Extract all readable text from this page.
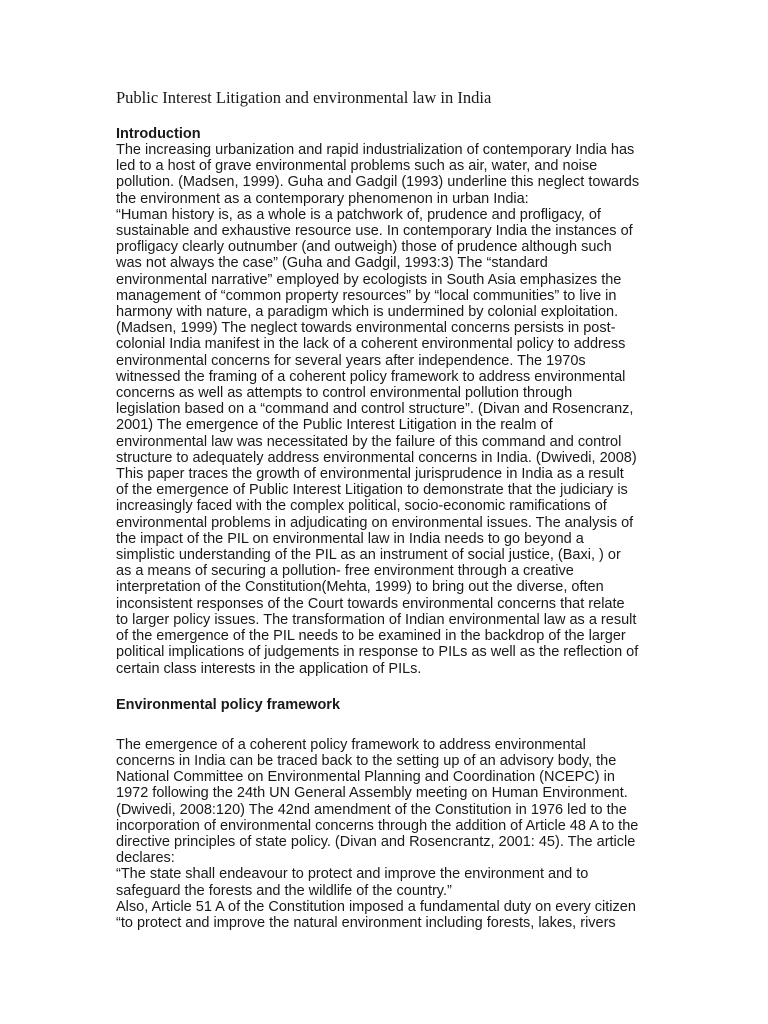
Public Interest Litigation and environmental law in India
Introduction

The increasing urbanization and rapid industrialization of contemporary India has
led to a host of grave environmental problems such as air, water, and noise
pollution. (Madsen, 1999). Guha and Gadgil (1993) underline this neglect towards
the environment as a contemporary phenomenon in urban India:
“Human history is, as a whole is a patchwork of, prudence and profligacy, of
sustainable and exhaustive resource use. In contemporary India the instances of
profligacy clearly outnumber (and outweigh) those of prudence although such
was not always the case” (Guha and Gadgil, 1993:3) The “standard
environmental narrative” employed by ecologists in South Asia emphasizes the
management of “common property resources” by “local communities” to live in
harmony with nature, a paradigm which is undermined by colonial exploitation.
(Madsen, 1999) The neglect towards environmental concerns persists in post-
colonial India manifest in the lack of a coherent environmental policy to address
environmental concerns for several years after independence. The 1970s
witnessed the framing of a coherent policy framework to address environmental
concerns as well as attempts to control environmental pollution through
legislation based on a “command and control structure”. (Divan and Rosencranz,
2001) The emergence of the Public Interest Litigation in the realm of
environmental law was necessitated by the failure of this command and control
structure to adequately address environmental concerns in India. (Dwivedi, 2008)
This paper traces the growth of environmental jurisprudence in India as a result
of the emergence of Public Interest Litigation to demonstrate that the judiciary is
increasingly faced with the complex political, socio-economic ramifications of
environmental problems in adjudicating on environmental issues. The analysis of
the impact of the PIL on environmental law in India needs to go beyond a
simplistic understanding of the PIL as an instrument of social justice, (Baxi, ) or
as a means of securing a pollution- free environment through a creative
interpretation of the Constitution(Mehta, 1999) to bring out the diverse, often
inconsistent responses of the Court towards environmental concerns that relate
to larger policy issues. The transformation of Indian environmental law as a result
of the emergence of the PIL needs to be examined in the backdrop of the larger
political implications of judgements in response to PILs as well as the reflection of
certain class interests in the application of PILs.

Environmental policy framework

The emergence of a coherent policy framework to address environmental
concerns in India can be traced back to the setting up of an advisory body, the
National Committee on Environmental Planning and Coordination (NCEPC) in
1972 following the 24th UN General Assembly meeting on Human Environment.
(Dwivedi, 2008:120) The 42nd amendment of the Constitution in 1976 led to the
incorporation of environmental concerns through the addition of Article 48 A to the
directive principles of state policy. (Divan and Rosencrantz, 2001: 45). The article
declares:
“The state shall endeavour to protect and improve the environment and to
safeguard the forests and the wildlife of the country.”
Also, Article 51 A of the Constitution imposed a fundamental duty on every citizen
“to protect and improve the natural environment including forests, lakes, rivers
